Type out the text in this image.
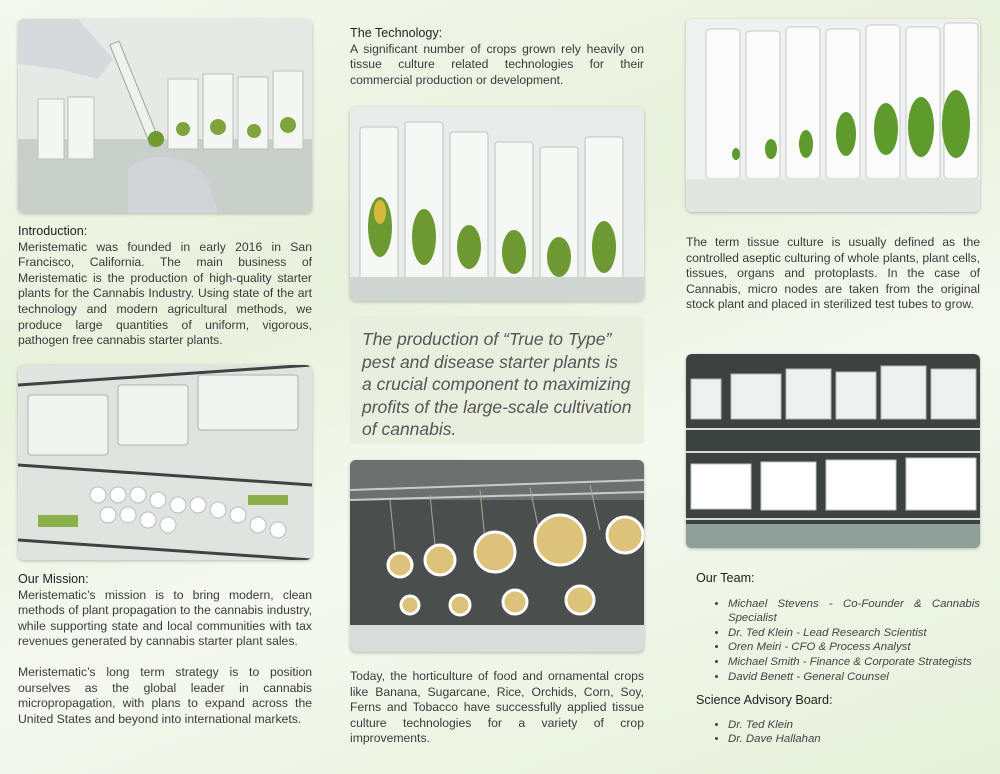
Introduction:
Meristematic was founded in early 2016 in San Francisco, California. The main business of Meristematic is the production of high-quality starter plants for the Cannabis Industry. Using state of the art technology and modern agricultural methods, we produce large quantities of uniform, vigorous, pathogen free cannabis starter plants.
Our Mission:
Meristematic’s mission is to bring modern, clean methods of plant propagation to the cannabis industry, while supporting state and local communities with tax revenues generated by cannabis starter plant sales.
Meristematic’s long term strategy is to position ourselves as the global leader in cannabis micropropagation, with plans to expand across the United States and beyond into international markets.
The Technology:
A significant number of crops grown rely heavily on tissue culture related technologies for their commercial production or development.
The production of “True to Type” pest and disease starter plants is a crucial component to maximizing profits of the large-scale cultivation of cannabis.
Today, the horticulture of food and ornamental crops like Banana, Sugarcane, Rice, Orchids, Corn, Soy, Ferns and Tobacco have successfully applied tissue culture technologies for a variety of crop improvements.
The term tissue culture is usually defined as the controlled aseptic culturing of whole plants, plant cells, tissues, organs and protoplasts. In the case of Cannabis, micro nodes are taken from the original stock plant and placed in sterilized test tubes to grow.
Our Team:
• Michael Stevens - Co-Founder & Cannabis Specialist
• Dr. Ted Klein - Lead Research Scientist
• Oren Meiri - CFO & Process Analyst
• Michael Smith - Finance & Corporate Strategists
• David Benett - General Counsel
Science Advisory Board:
• Dr. Ted Klein
• Dr. Dave Hallahan
